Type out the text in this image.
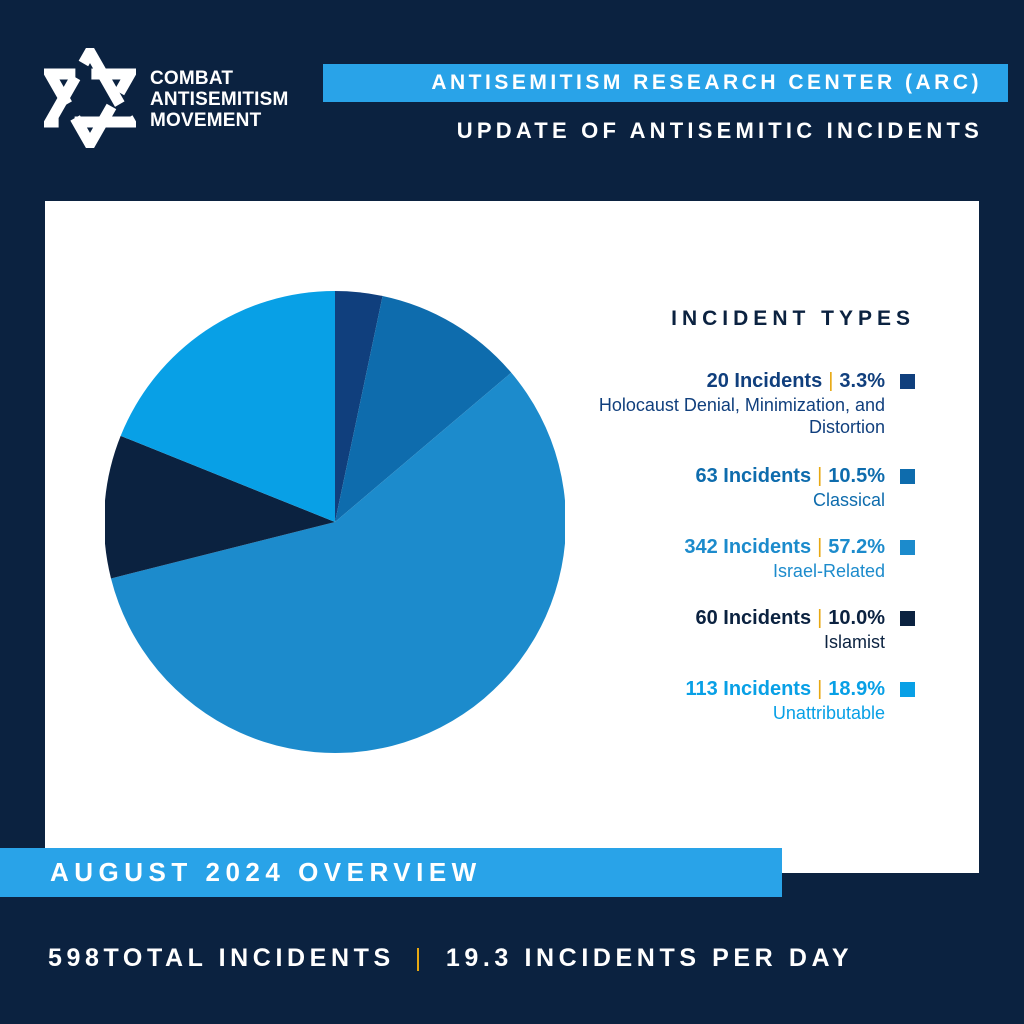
COMBAT
ANTISEMITISM
MOVEMENT
ANTISEMITISM RESEARCH CENTER (ARC)
UPDATE OF ANTISEMITIC INCIDENTS
INCIDENT TYPES
20 Incidents | 3.3%
Holocaust Denial, Minimization, and Distortion
63 Incidents | 10.5%
Classical
342 Incidents | 57.2%
Israel-Related
60 Incidents | 10.0%
Islamist
113 Incidents | 18.9%
Unattributable
AUGUST 2024 OVERVIEW
598TOTAL INCIDENTS | 19.3 INCIDENTS PER DAY
